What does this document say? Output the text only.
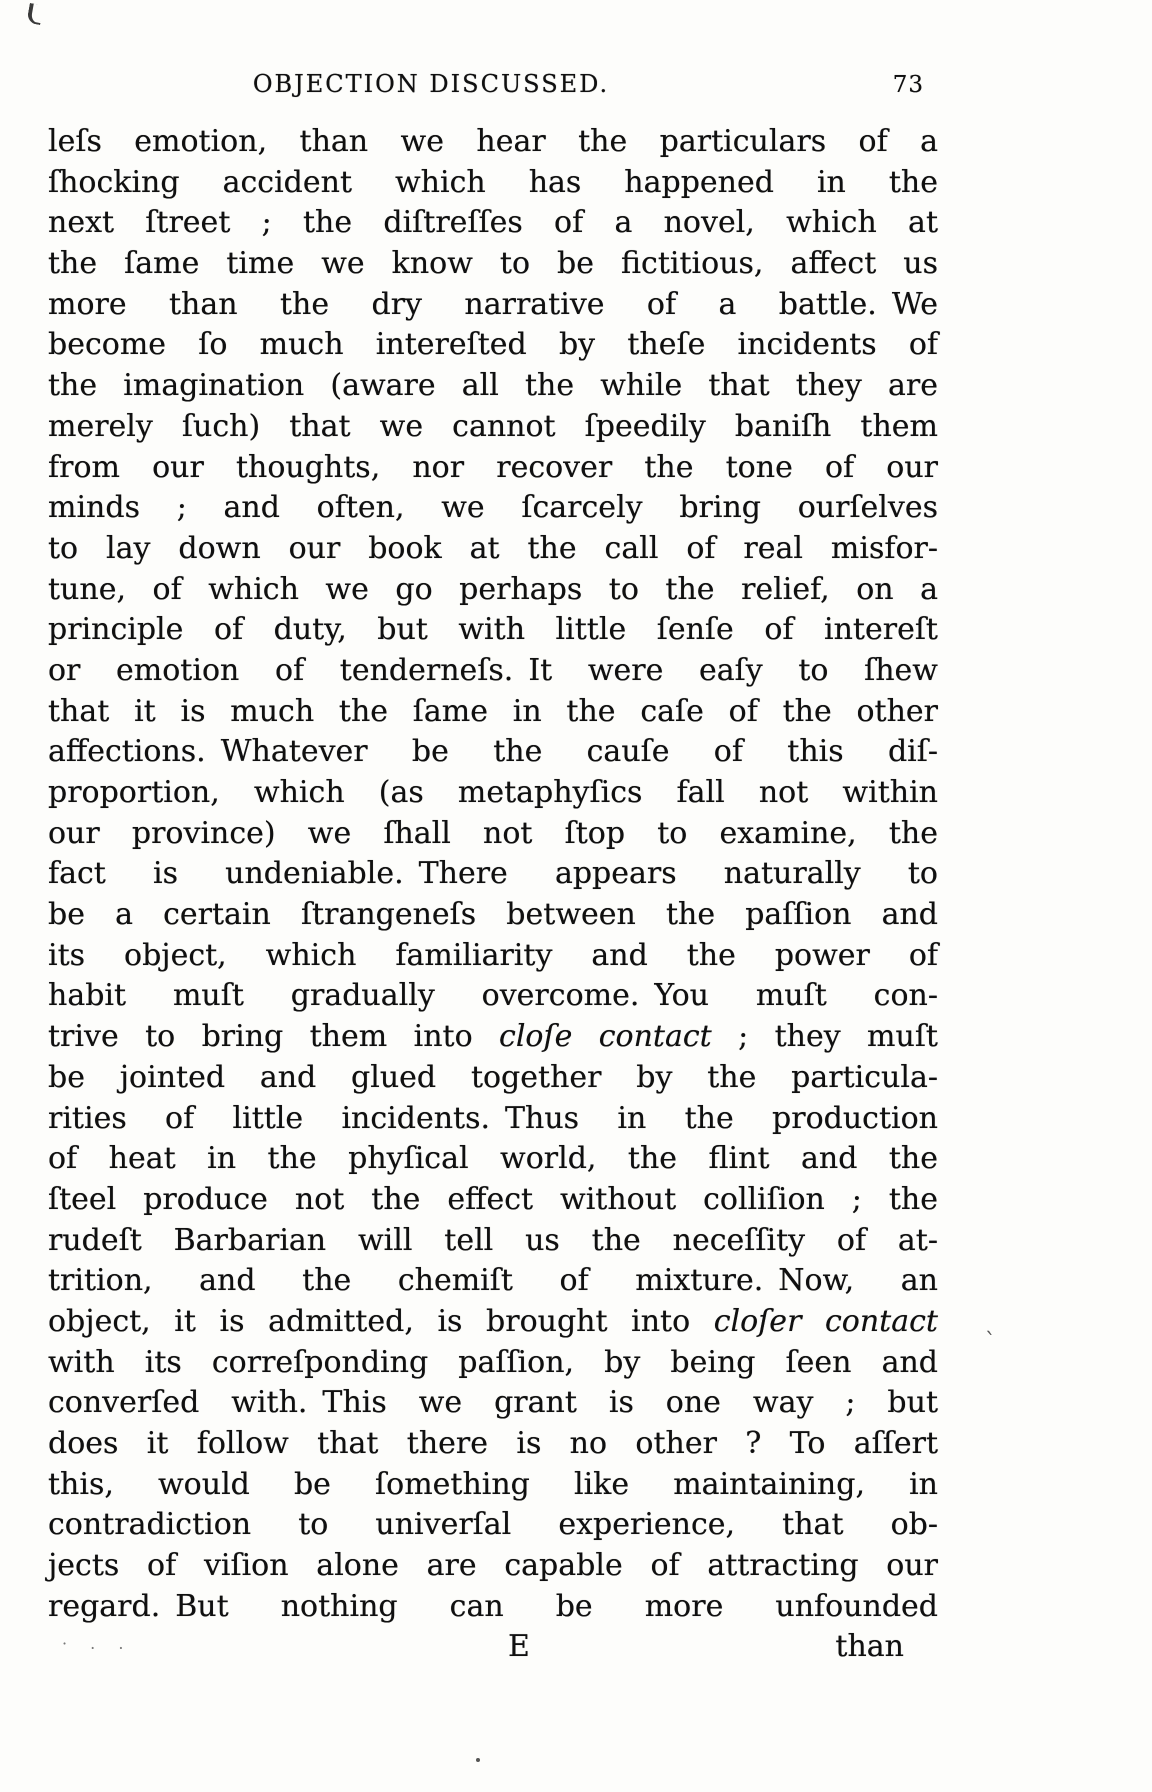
OBJECTION DISCUSSED.	73
leſs emotion, than we hear the particulars of a
ſhocking accident which has happened in the
next ſtreet ; the diſtreſſes of a novel, which at
the ſame time we know to be fictitious, affect us
more than the dry narrative of a battle. We
become ſo much intereſted by theſe incidents of
the imagination (aware all the while that they are
merely ſuch) that we cannot ſpeedily baniſh them
from our thoughts, nor recover the tone of our
minds ; and often, we ſcarcely bring ourſelves
to lay down our book at the call of real misfor-
tune, of which we go perhaps to the relief, on a
principle of duty, but with little ſenſe of intereſt
or emotion of tenderneſs. It were eaſy to ſhew
that it is much the ſame in the caſe of the other
affections. Whatever be the cauſe of this diſ-
proportion, which (as metaphyſics fall not within
our province) we ſhall not ſtop to examine, the
fact is undeniable. There appears naturally to
be a certain ſtrangeneſs between the paſſion and
its object, which familiarity and the power of
habit muſt gradually overcome. You muſt con-
trive to bring them into cloſe contact ; they muſt
be jointed and glued together by the particula-
rities of little incidents. Thus in the production
of heat in the phyſical world, the flint and the
ſteel produce not the effect without colliſion ; the
rudeſt Barbarian will tell us the neceſſity of at-
trition, and the chemiſt of mixture. Now, an
object, it is admitted, is brought into cloſer contact
with its correſponding paſſion, by being ſeen and
converſed with. This we grant is one way ; but
does it follow that there is no other ? To aſſert
this, would be ſomething like maintaining, in
contradiction to univerſal experience, that ob-
jects of viſion alone are capable of attracting our
regard. But nothing can be more unfounded
E	than
· . .
ˋ
